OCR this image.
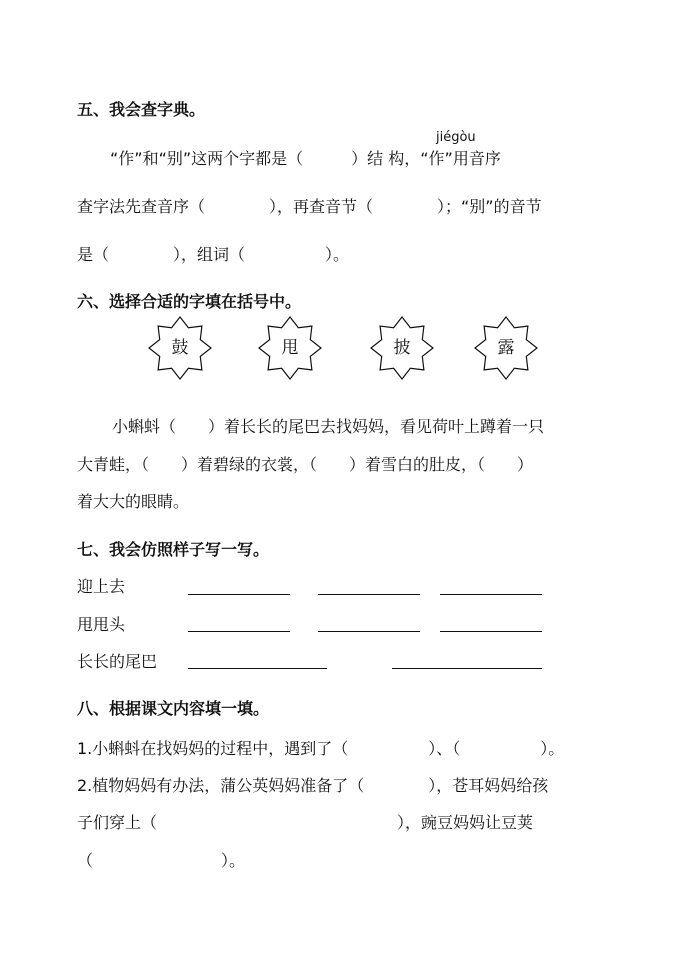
五、我会查字典。
jiégòu
“作”和“别”这两个字都是（　　　）结 构，“作”用音序
查字法先查音序（　　　　），再查音节（　　　　）；“别”的音节
是（　　　　），组词（　　　　　）。
六、选择合适的字填在括号中。
鼓	甩	披	露
小蝌蚪（　　）着长长的尾巴去找妈妈，看见荷叶上蹲着一只
大青蛙，（　　）着碧绿的衣裳，（　　）着雪白的肚皮，（　　）
着大大的眼睛。
七、我会仿照样子写一写。
迎上去
甩甩头
长长的尾巴
八、根据课文内容填一填。
1.小蝌蚪在找妈妈的过程中，遇到了（　　　　　）、（　　　　　）。
2.植物妈妈有办法，蒲公英妈妈准备了（　　　　），苍耳妈妈给孩
子们穿上（　　　　　　　　　　　　　　　），豌豆妈妈让豆荚
（　　　　　　　　）。
